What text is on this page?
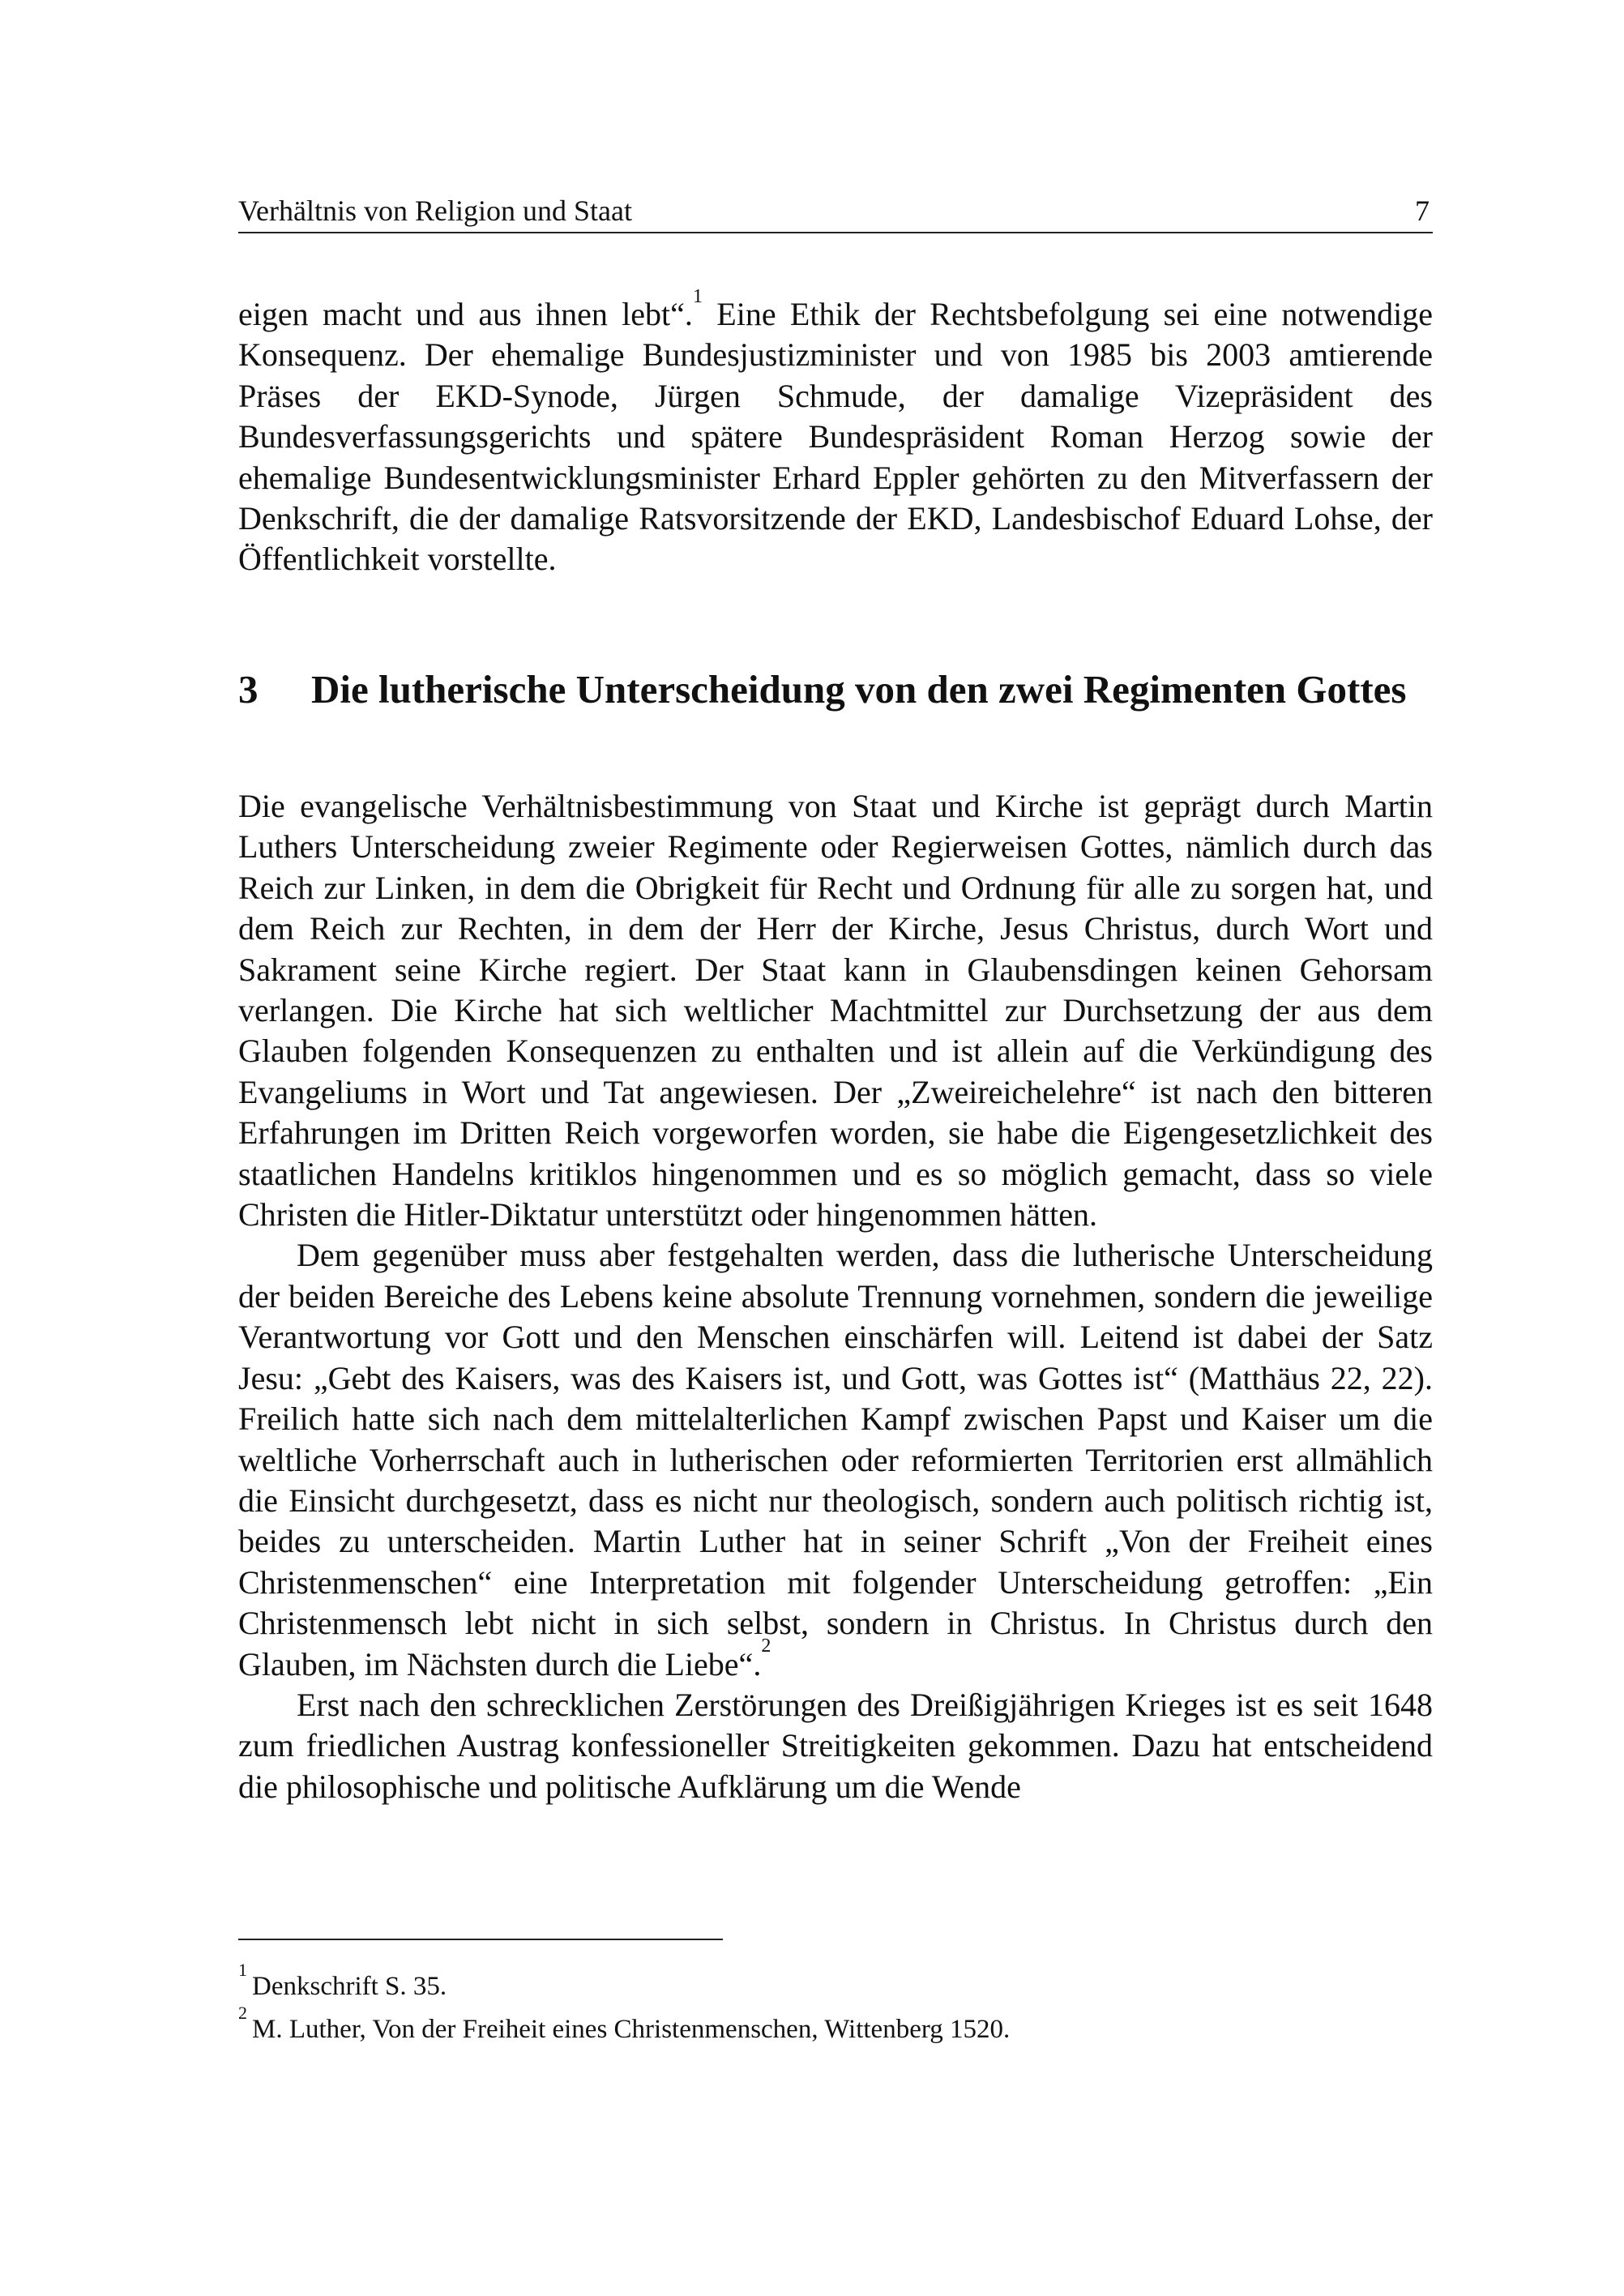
Verhältnis von Religion und Staat	7

eigen macht und aus ihnen lebt“.$^1$ Eine Ethik der Rechtsbefolgung sei eine notwendige Konsequenz. Der ehemalige Bundesjustizminister und von 1985 bis 2003 amtierende Präses der EKD-Synode, Jürgen Schmude, der damalige Vizepräsident des Bundesverfassungsgerichts und spätere Bundespräsident Roman Herzog sowie der ehemalige Bundesentwicklungsminister Erhard Eppler gehörten zu den Mitverfassern der Denkschrift, die der damalige Ratsvorsitzende der EKD, Landesbischof Eduard Lohse, der Öffentlichkeit vorstellte.

3 Die lutherische Unterscheidung von den zwei Regimenten Gottes

Die evangelische Verhältnisbestimmung von Staat und Kirche ist geprägt durch Martin Luthers Unterscheidung zweier Regimente oder Regierweisen Gottes, nämlich durch das Reich zur Linken, in dem die Obrigkeit für Recht und Ordnung für alle zu sorgen hat, und dem Reich zur Rechten, in dem der Herr der Kirche, Jesus Christus, durch Wort und Sakrament seine Kirche regiert. Der Staat kann in Glaubensdingen keinen Gehorsam verlangen. Die Kirche hat sich weltlicher Machtmittel zur Durchsetzung der aus dem Glauben folgenden Konsequenzen zu enthalten und ist allein auf die Verkündigung des Evangeliums in Wort und Tat angewiesen. Der „Zweireichelehre“ ist nach den bitteren Erfahrungen im Dritten Reich vorgeworfen worden, sie habe die Eigengesetzlichkeit des staatlichen Handelns kritiklos hingenommen und es so möglich gemacht, dass so viele Christen die Hitler-Diktatur unterstützt oder hingenommen hätten.

Dem gegenüber muss aber festgehalten werden, dass die lutherische Unterscheidung der beiden Bereiche des Lebens keine absolute Trennung vornehmen, sondern die jeweilige Verantwortung vor Gott und den Menschen einschärfen will. Leitend ist dabei der Satz Jesu: „Gebt des Kaisers, was des Kaisers ist, und Gott, was Gottes ist“ (Matthäus 22, 22). Freilich hatte sich nach dem mittelalterlichen Kampf zwischen Papst und Kaiser um die weltliche Vorherrschaft auch in lutherischen oder reformierten Territorien erst allmählich die Einsicht durchgesetzt, dass es nicht nur theologisch, sondern auch politisch richtig ist, beides zu unterscheiden. Martin Luther hat in seiner Schrift „Von der Freiheit eines Christenmenschen“ eine Interpretation mit folgender Unterscheidung getroffen: „Ein Christenmensch lebt nicht in sich selbst, sondern in Christus. In Christus durch den Glauben, im Nächsten durch die Liebe“.$^2$

Erst nach den schrecklichen Zerstörungen des Dreißigjährigen Krieges ist es seit 1648 zum friedlichen Austrag konfessioneller Streitigkeiten gekommen. Dazu hat entscheidend die philosophische und politische Aufklärung um die Wende

$^1$Denkschrift S. 35.

$^2$M. Luther, Von der Freiheit eines Christenmenschen, Wittenberg 1520.
